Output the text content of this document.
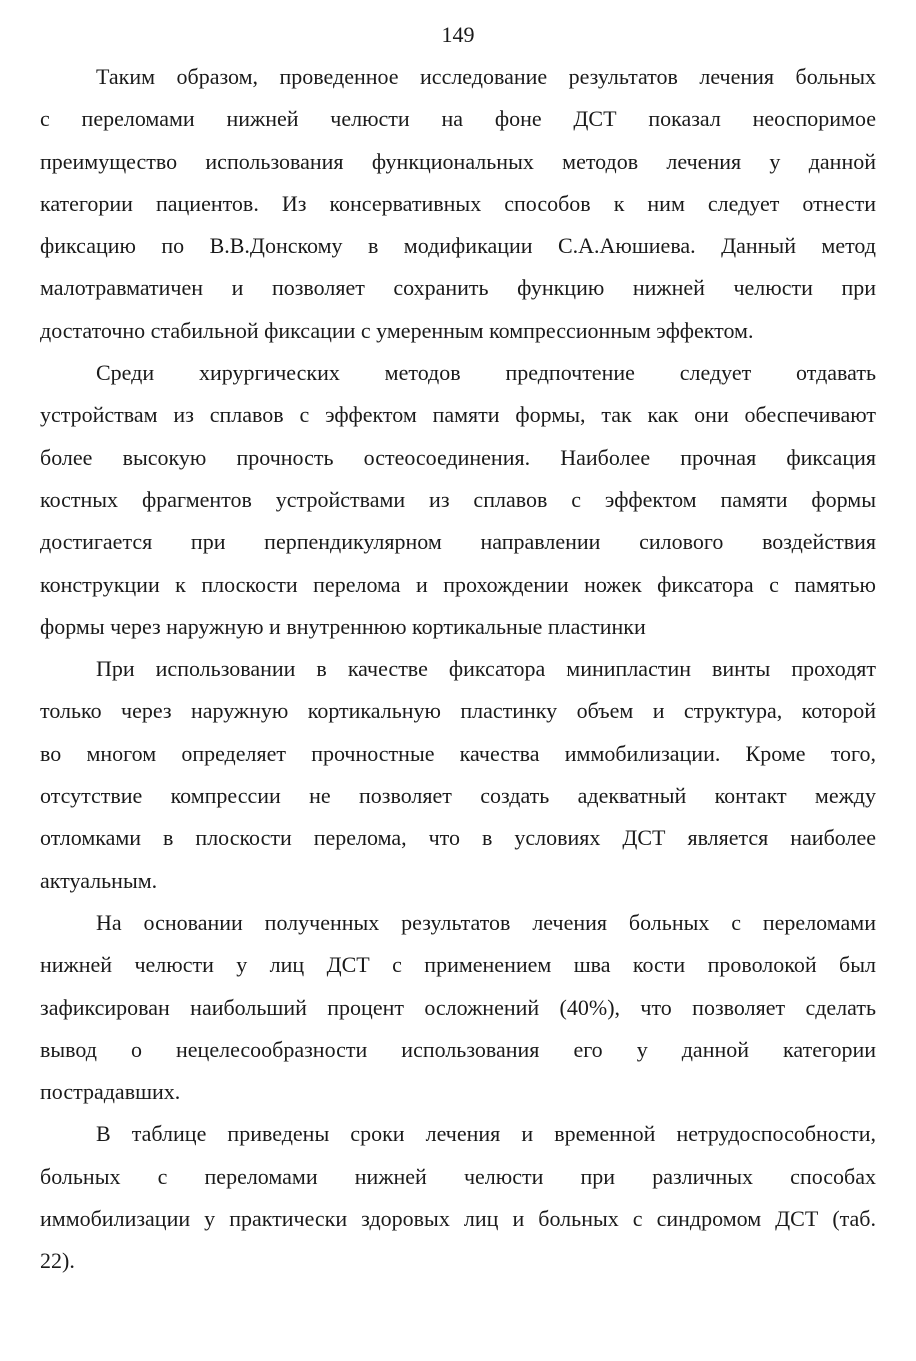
149

Таким образом, проведенное исследование результатов лечения больных
с переломами нижней челюсти на фоне ДСТ показал неоспоримое
преимущество использования функциональных методов лечения у данной
категории пациентов. Из консервативных способов к ним следует отнести
фиксацию по В.В.Донскому в модификации С.А.Аюшиева. Данный метод
малотравматичен и позволяет сохранить функцию нижней челюсти при
достаточно стабильной фиксации с умеренным компрессионным эффектом.

Среди хирургических методов предпочтение следует отдавать
устройствам из сплавов с эффектом памяти формы, так как они обеспечивают
более высокую прочность остеосоединения. Наиболее прочная фиксация
костных фрагментов устройствами из сплавов с эффектом памяти формы
достигается при перпендикулярном направлении силового воздействия
конструкции к плоскости перелома и прохождении ножек фиксатора с памятью
формы через наружную и внутреннюю кортикальные пластинки

При использовании в качестве фиксатора минипластин винты проходят
только через наружную кортикальную пластинку объем и структура, которой
во многом определяет прочностные качества иммобилизации. Кроме того,
отсутствие компрессии не позволяет создать адекватный контакт между
отломками в плоскости перелома, что в условиях ДСТ является наиболее
актуальным.

На основании полученных результатов лечения больных с переломами
нижней челюсти у лиц ДСТ с применением шва кости проволокой был
зафиксирован наибольший процент осложнений (40%), что позволяет сделать
вывод о нецелесообразности использования его у данной категории
пострадавших.

В таблице приведены сроки лечения и временной нетрудоспособности,
больных с переломами нижней челюсти при различных способах
иммобилизации у практически здоровых лиц и больных с синдромом ДСТ (таб.
22).
